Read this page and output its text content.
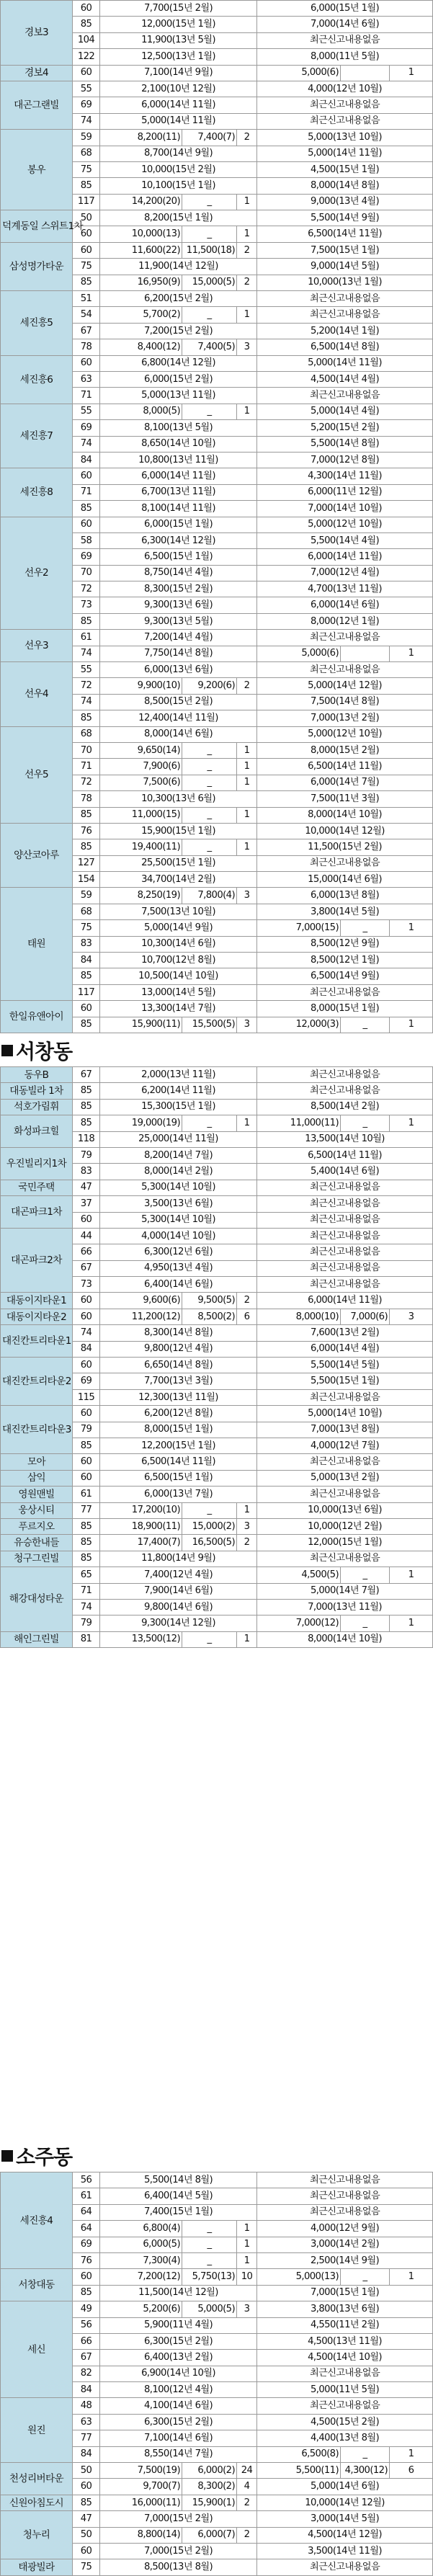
경보3	60	7,700(15년 2월)			6,000(15년 1월)		
	85	12,000(15년 1월)			7,000(14년 6월)		
	104	11,900(13년 5월)			최근신고내용없음		
	122	12,500(13년 1월)			8,000(11년 5월)		
경보4	60	7,100(14년 9월)			5,000(6)		1
대곤그랜빌	55	2,100(10년 12월)			4,000(12년 10월)		
	69	6,000(14년 11월)			최근신고내용없음		
	74	5,000(14년 11월)			최근신고내용없음		
봉우	59	8,200(11)	7,400(7)	2	5,000(13년 10월)		
	68	8,700(14년 9월)			5,000(14년 11월)		
	75	10,000(15년 2월)			4,500(15년 1월)		
	85	10,100(15년 1월)			8,000(14년 8월)		
	117	14,200(20)	_	1	9,000(13년 4월)		
덕계동일 스위트1차	50	8,200(15년 1월)			5,500(14년 9월)		
	60	10,000(13)	_	1	6,500(14년 11월)		
삼성명가타운	60	11,600(22)	11,500(18)	2	7,500(15년 1월)		
	75	11,900(14년 12월)			9,000(14년 5월)		
	85	16,950(9)	15,000(5)	2	10,000(13년 1월)		
세진흥5	51	6,200(15년 2월)			최근신고내용없음		
	54	5,700(2)	_	1	최근신고내용없음		
	67	7,200(15년 2월)			5,200(14년 1월)		
	78	8,400(12)	7,400(5)	3	6,500(14년 8월)		
세진흥6	60	6,800(14년 12월)			5,000(14년 11월)		
	63	6,000(15년 2월)			4,500(14년 4월)		
	71	5,000(13년 11월)			최근신고내용없음		
세진흥7	55	8,000(5)	_	1	5,000(14년 4월)		
	69	8,100(13년 5월)			5,200(15년 2월)		
	74	8,650(14년 10월)			5,500(14년 8월)		
	84	10,800(13년 11월)			7,000(12년 8월)		
세진흥8	60	6,000(14년 11월)			4,300(14년 11월)		
	71	6,700(13년 11월)			6,000(11년 12월)		
	85	8,100(14년 11월)			7,000(14년 10월)		
선우2	60	6,000(15년 1월)			5,000(12년 10월)		
	58	6,300(14년 12월)			5,500(14년 4월)		
	69	6,500(15년 1월)			6,000(14년 11월)		
	70	8,750(14년 4월)			7,000(12년 4월)		
	72	8,300(15년 2월)			4,700(13년 11월)		
	73	9,300(13년 6월)			6,000(14년 6월)		
	85	9,300(13년 5월)			8,000(12년 1월)		
선우3	61	7,200(14년 4월)			최근신고내용없음		
	74	7,750(14년 8월)			5,000(6)		1
선우4	55	6,000(13년 6월)			최근신고내용없음		
	72	9,900(10)	9,200(6)	2	5,000(14년 12월)		
	74	8,500(15년 2월)			7,500(14년 8월)		
	85	12,400(14년 11월)			7,000(13년 2월)		
선우5	68	8,000(14년 6월)			5,000(12년 10월)		
	70	9,650(14)	_	1	8,000(15년 2월)		
	71	7,900(6)	_	1	6,500(14년 11월)		
	72	7,500(6)	_	1	6,000(14년 7월)		
	78	10,300(13년 6월)			7,500(11년 3월)		
	85	11,000(15)	_	1	8,000(14년 10월)		
양산코아루	76	15,900(15년 1월)			10,000(14년 12월)		
	85	19,400(11)	_	1	11,500(15년 2월)		
	127	25,500(15년 1월)			최근신고내용없음		
	154	34,700(14년 2월)			15,000(14년 6월)		
태원	59	8,250(19)	7,800(4)	3	6,000(13년 8월)		
	68	7,500(13년 10월)			3,800(14년 5월)		
	75	5,000(14년 9월)			7,000(15)	_	1
	83	10,300(14년 6월)			8,500(12년 9월)		
	84	10,700(12년 8월)			8,500(12년 1월)		
	85	10,500(14년 10월)			6,500(14년 9월)		
	117	13,000(14년 5월)			최근신고내용없음		
한일유앤아이	60	13,300(14년 7월)			8,000(15년 1월)		
	85	15,900(11)	15,500(5)	3	12,000(3)	_	1
서창동
동우B	67	2,000(13년 11월)			최근신고내용없음		
대동빌라 1차	85	6,200(14년 11월)			최근신고내용없음		
석호가림휘	85	15,300(15년 1월)			8,500(14년 2월)		
화성파크힐	85	19,000(19)	_	1	11,000(11)	_	1
	118	25,000(14년 11월)			13,500(14년 10월)		
우진빌리지1차	79	8,200(14년 7월)			6,500(14년 11월)		
	83	8,000(14년 2월)			5,400(14년 6월)		
국민주택	47	5,300(14년 10월)			최근신고내용없음		
대곤파크1차	37	3,500(13년 6월)			최근신고내용없음		
	60	5,300(14년 10월)			최근신고내용없음		
대곤파크2차	44	4,000(14년 10월)			최근신고내용없음		
	66	6,300(12년 6월)			최근신고내용없음		
	67	4,950(13년 4월)			최근신고내용없음		
	73	6,400(14년 6월)			최근신고내용없음		
대동이지타운1	60	9,600(6)	9,500(5)	2	6,000(14년 11월)		
대동이지타운2	60	11,200(12)	8,500(2)	6	8,000(10)	7,000(6)	3
대진칸트리타운1	74	8,300(14년 8월)			7,600(13년 2월)		
	84	9,800(12년 4월)			6,000(14년 4월)		
대진칸트리타운2	60	6,650(14년 8월)			5,500(14년 5월)		
	69	7,700(13년 3월)			5,500(15년 1월)		
	115	12,300(13년 11월)			최근신고내용없음		
대진칸트리타운3	60	6,200(12년 8월)			5,000(14년 10월)		
	79	8,000(15년 1월)			7,000(13년 8월)		
	85	12,200(15년 1월)			4,000(12년 7월)		
모아	60	6,500(14년 11월)			최근신고내용없음		
삼익	60	6,500(15년 1월)			5,000(13년 2월)		
영원맨빌	61	6,000(13년 7월)			최근신고내용없음		
웅상시티	77	17,200(10)	_	1	10,000(13년 6월)		
푸르지오	85	18,900(11)	15,000(2)	3	10,000(12년 2월)		
유승한내들	85	17,400(7)	16,500(5)	2	12,000(15년 1월)		
청구그린빌	85	11,800(14년 9월)			최근신고내용없음		
해강대성타운	65	7,400(12년 4월)			4,500(5)	_	1
	71	7,900(14년 6월)			5,000(14년 7월)		
	74	9,800(14년 6월)			7,000(13년 11월)		
	79	9,300(14년 12월)			7,000(12)	_	1
해인그린빌	81	13,500(12)	_	1	8,000(14년 10월)		
소주동
세진흥4	56	5,500(14년 8월)			최근신고내용없음		
	61	6,400(14년 5월)			최근신고내용없음		
	64	7,400(15년 1월)			최근신고내용없음		
	64	6,800(4)	_	1	4,000(12년 9월)		
	69	6,000(5)	_	1	3,000(14년 2월)		
	76	7,300(4)	_	1	2,500(14년 9월)		
서창대동	60	7,200(12)	5,750(13)	10	5,000(13)	_	1
	85	11,500(14년 12월)			7,000(15년 1월)		
세신	49	5,200(6)	5,000(5)	3	3,800(13년 6월)		
	56	5,900(11년 4월)			4,550(11년 2월)		
	66	6,300(15년 2월)			4,500(13년 11월)		
	67	6,400(13년 2월)			4,500(14년 10월)		
	82	6,900(14년 10월)			최근신고내용없음		
	84	8,100(12년 4월)			5,000(11년 5월)		
원진	48	4,100(14년 6월)			최근신고내용없음		
	63	6,300(15년 2월)			4,500(15년 2월)		
	77	7,100(14년 6월)			4,400(13년 8월)		
	84	8,550(14년 7월)			6,500(8)	_	1
천성리버타운	50	7,500(19)	6,000(2)	24	5,500(11)	4,300(12)	6
	60	9,700(7)	8,300(2)	4	5,000(14년 6월)		
신원아침도시	85	16,000(11)	15,900(1)	2	10,000(14년 12월)		
청누리	47	7,000(15년 2월)			3,000(14년 5월)		
	50	8,800(14)	6,000(7)	2	4,500(14년 12월)		
	60	7,000(15년 2월)			3,500(14년 11월)		
태광빌라	75	8,500(13년 8월)			최근신고내용없음		
